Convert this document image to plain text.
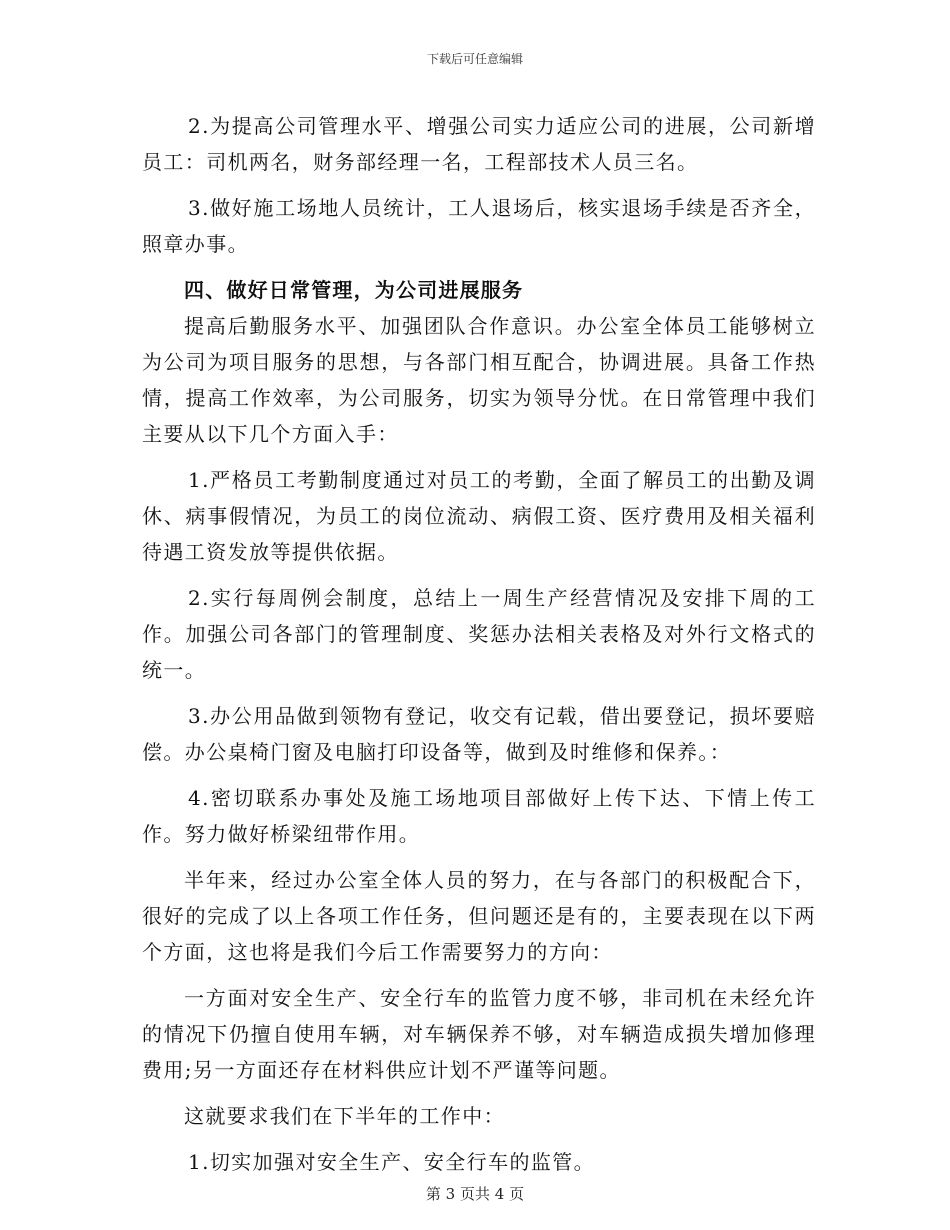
下载后可任意编辑

2.为提高公司管理水平、增强公司实力适应公司的进展，公司新增员工：司机两名，财务部经理一名，工程部技术人员三名。

3.做好施工场地人员统计，工人退场后，核实退场手续是否齐全，照章办事。

四、做好日常管理，为公司进展服务

提高后勤服务水平、加强团队合作意识。办公室全体员工能够树立为公司为项目服务的思想，与各部门相互配合，协调进展。具备工作热情，提高工作效率，为公司服务，切实为领导分忧。在日常管理中我们主要从以下几个方面入手：

1.严格员工考勤制度通过对员工的考勤，全面了解员工的出勤及调休、病事假情况，为员工的岗位流动、病假工资、医疗费用及相关福利待遇工资发放等提供依据。

2.实行每周例会制度，总结上一周生产经营情况及安排下周的工作。加强公司各部门的管理制度、奖惩办法相关表格及对外行文格式的统一。

3.办公用品做到领物有登记，收交有记载，借出要登记，损坏要赔偿。办公桌椅门窗及电脑打印设备等，做到及时维修和保养。：

4.密切联系办事处及施工场地项目部做好上传下达、下情上传工作。努力做好桥梁纽带作用。

半年来，经过办公室全体人员的努力，在与各部门的积极配合下，很好的完成了以上各项工作任务，但问题还是有的，主要表现在以下两个方面，这也将是我们今后工作需要努力的方向：

一方面对安全生产、安全行车的监管力度不够，非司机在未经允许的情况下仍擅自使用车辆，对车辆保养不够，对车辆造成损失增加修理费用;另一方面还存在材料供应计划不严谨等问题。

这就要求我们在下半年的工作中：

1.切实加强对安全生产、安全行车的监管。

第 3 页共 4 页
